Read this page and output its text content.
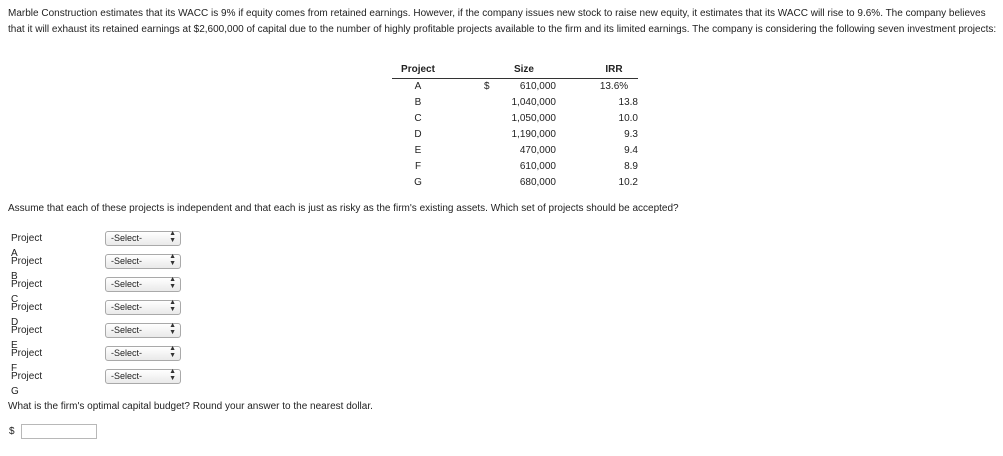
Marble Construction estimates that its WACC is 9% if equity comes from retained earnings. However, if the company issues new stock to raise new equity, it estimates that its WACC will rise to 9.6%. The company believes that it will exhaust its retained earnings at $2,600,000 of capital due to the number of highly profitable projects available to the firm and its limited earnings. The company is considering the following seven investment projects:

Project		Size		IRR
A		$ 610,000		13.6%
B		1,040,000		13.8
C		1,050,000		10.0
D		1,190,000		9.3
E		470,000		9.4
F		610,000		8.9
G		680,000		10.2

Assume that each of these projects is independent and that each is just as risky as the firm's existing assets. Which set of projects should be accepted?

Project A
-Select-	▲
▼
Project B
-Select-	▲
▼
Project C
-Select-	▲
▼
Project D
-Select-	▲
▼
Project E
-Select-	▲
▼
Project F
-Select-	▲
▼
Project G
-Select-	▲
▼

What is the firm's optimal capital budget? Round your answer to the nearest dollar.

$
